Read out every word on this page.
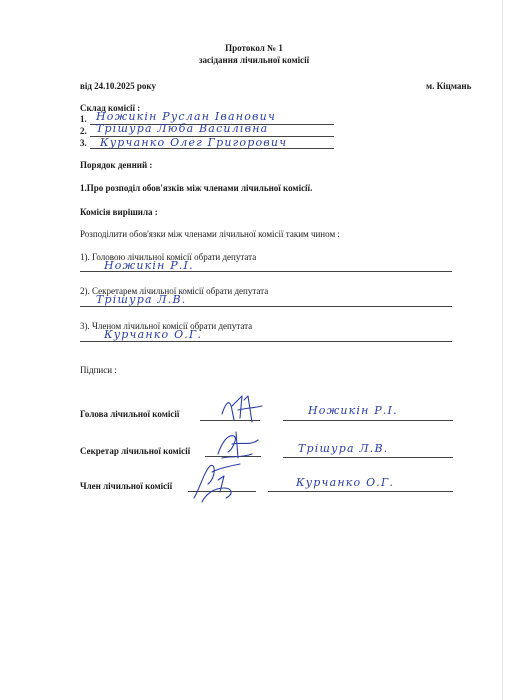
Протокол № 1
засідання лічильної комісії
від 24.10.2025 року	м. Кіцмань
Склад комісії :
1. Ножикін Руслан Іванович
2. Трішура Люба Василівна
3. Курчанко Олег Григорович
Порядок денний :
1.Про розподіл обов'язків між членами лічильної комісії.
Комісія вирішила :
Розподілити обов'язки між членами лічильної комісії таким чином :
1). Головою лічильної комісії обрати депутата
Ножикін Р.І.
2). Секретарем лічильної комісії обрати депутата
Трішура Л.В.
3). Членом лічильної комісії обрати депутата
Курчанко О.Г.
Підписи :
Голова лічильної комісії	Ножикін Р.І.
Секретар лічильної комісії	Трішура Л.В.
Член лічильної комісії	Курчанко О.Г.
